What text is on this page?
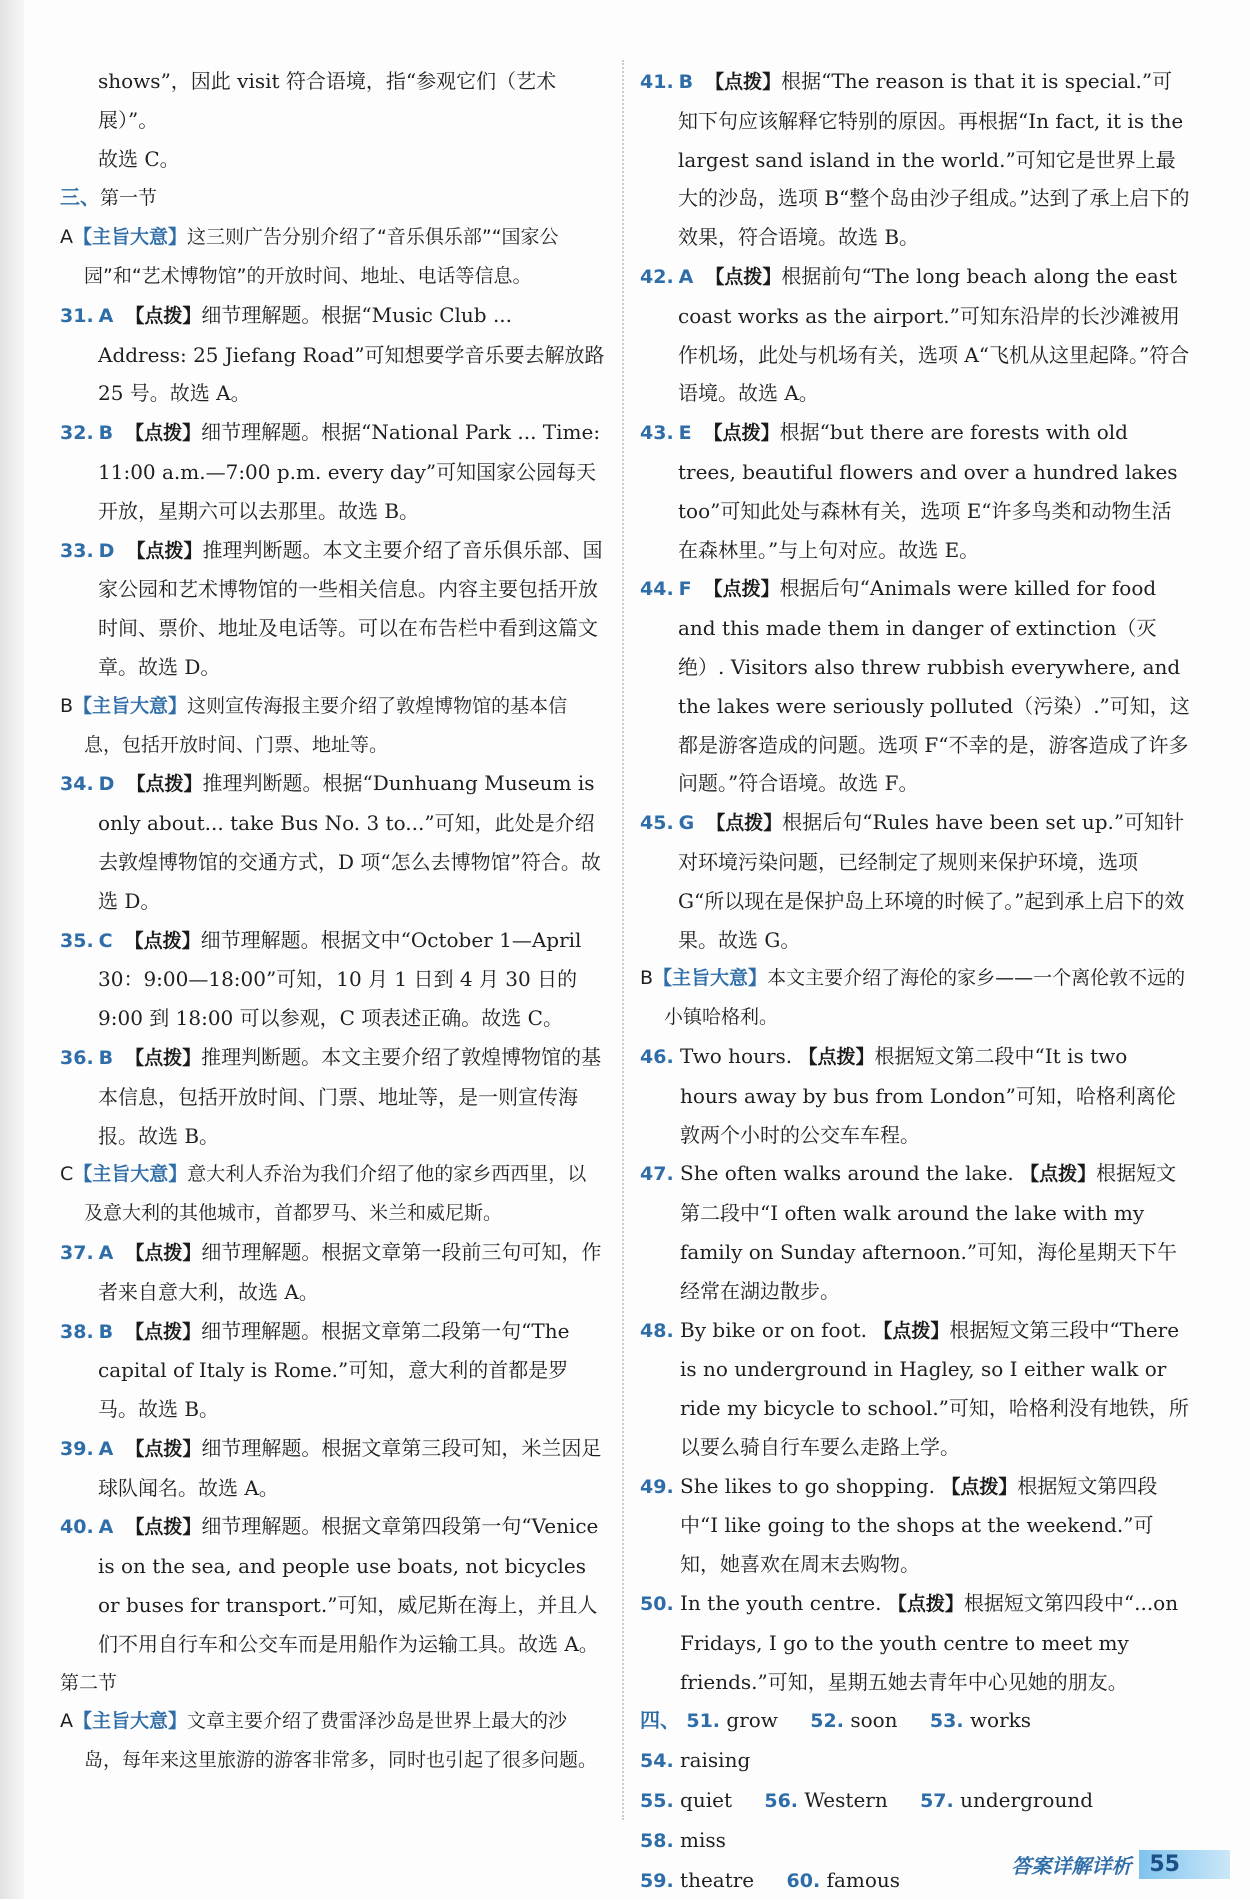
shows”，因此 visit 符合语境，指“参观它们（艺术展）”。
故选 C。

三、第一节

A【主旨大意】这三则广告分别介绍了“音乐俱乐部”“国家公园”和“艺术博物馆”的开放时间、地址、电话等信息。

31. A 【点拨】细节理解题。根据“Music Club ... Address: 25 Jiefang Road”可知想要学音乐要去解放路 25 号。故选 A。

32. B 【点拨】细节理解题。根据“National Park ... Time: 11:00 a.m.—7:00 p.m. every day”可知国家公园每天开放，星期六可以去那里。故选 B。

33. D 【点拨】推理判断题。本文主要介绍了音乐俱乐部、国家公园和艺术博物馆的一些相关信息。内容主要包括开放时间、票价、地址及电话等。可以在布告栏中看到这篇文章。故选 D。

B【主旨大意】这则宣传海报主要介绍了敦煌博物馆的基本信息，包括开放时间、门票、地址等。

34. D 【点拨】推理判断题。根据“Dunhuang Museum is only about... take Bus No. 3 to...”可知，此处是介绍去敦煌博物馆的交通方式，D 项“怎么去博物馆”符合。故选 D。

35. C 【点拨】细节理解题。根据文中“October 1—April 30：9:00—18:00”可知，10 月 1 日到 4 月 30 日的 9:00 到 18:00 可以参观，C 项表述正确。故选 C。

36. B 【点拨】推理判断题。本文主要介绍了敦煌博物馆的基本信息，包括开放时间、门票、地址等，是一则宣传海报。故选 B。

C【主旨大意】意大利人乔治为我们介绍了他的家乡西西里，以及意大利的其他城市，首都罗马、米兰和威尼斯。

37. A 【点拨】细节理解题。根据文章第一段前三句可知，作者来自意大利，故选 A。

38. B 【点拨】细节理解题。根据文章第二段第一句“The capital of Italy is Rome.”可知，意大利的首都是罗马。故选 B。

39. A 【点拨】细节理解题。根据文章第三段可知，米兰因足球队闻名。故选 A。

40. A 【点拨】细节理解题。根据文章第四段第一句“Venice is on the sea, and people use boats, not bicycles or buses for transport.”可知，威尼斯在海上，并且人们不用自行车和公交车而是用船作为运输工具。故选 A。

第二节

A【主旨大意】文章主要介绍了费雷泽沙岛是世界上最大的沙岛，每年来这里旅游的游客非常多，同时也引起了很多问题。

41. B 【点拨】根据“The reason is that it is special.”可知下句应该解释它特别的原因。再根据“In fact, it is the largest sand island in the world.”可知它是世界上最大的沙岛，选项 B“整个岛由沙子组成。”达到了承上启下的效果，符合语境。故选 B。

42. A 【点拨】根据前句“The long beach along the east coast works as the airport.”可知东沿岸的长沙滩被用作机场，此处与机场有关，选项 A“飞机从这里起降。”符合语境。故选 A。

43. E 【点拨】根据“but there are forests with old trees, beautiful flowers and over a hundred lakes too”可知此处与森林有关，选项 E“许多鸟类和动物生活在森林里。”与上句对应。故选 E。

44. F 【点拨】根据后句“Animals were killed for food and this made them in danger of extinction（灭绝）. Visitors also threw rubbish everywhere, and the lakes were seriously polluted（污染）.”可知，这都是游客造成的问题。选项 F“不幸的是，游客造成了许多问题。”符合语境。故选 F。

45. G 【点拨】根据后句“Rules have been set up.”可知针对环境污染问题，已经制定了规则来保护环境，选项 G“所以现在是保护岛上环境的时候了。”起到承上启下的效果。故选 G。

B【主旨大意】本文主要介绍了海伦的家乡——一个离伦敦不远的小镇哈格利。

46. Two hours. 【点拨】根据短文第二段中“It is two hours away by bus from London”可知，哈格利离伦敦两个小时的公交车车程。

47. She often walks around the lake. 【点拨】根据短文第二段中“I often walk around the lake with my family on Sunday afternoon.”可知，海伦星期天下午经常在湖边散步。

48. By bike or on foot. 【点拨】根据短文第三段中“There is no underground in Hagley, so I either walk or ride my bicycle to school.”可知，哈格利没有地铁，所以要么骑自行车要么走路上学。

49. She likes to go shopping. 【点拨】根据短文第四段中“I like going to the shops at the weekend.”可知，她喜欢在周末去购物。

50. In the youth centre. 【点拨】根据短文第四段中“...on Fridays, I go to the youth centre to meet my friends.”可知，星期五她去青年中心见她的朋友。

四、 51. grow 52. soon 53. works 54. raising
55. quiet 56. Western 57. underground 58. miss
59. theatre 60. famous
答案详解详析 55
